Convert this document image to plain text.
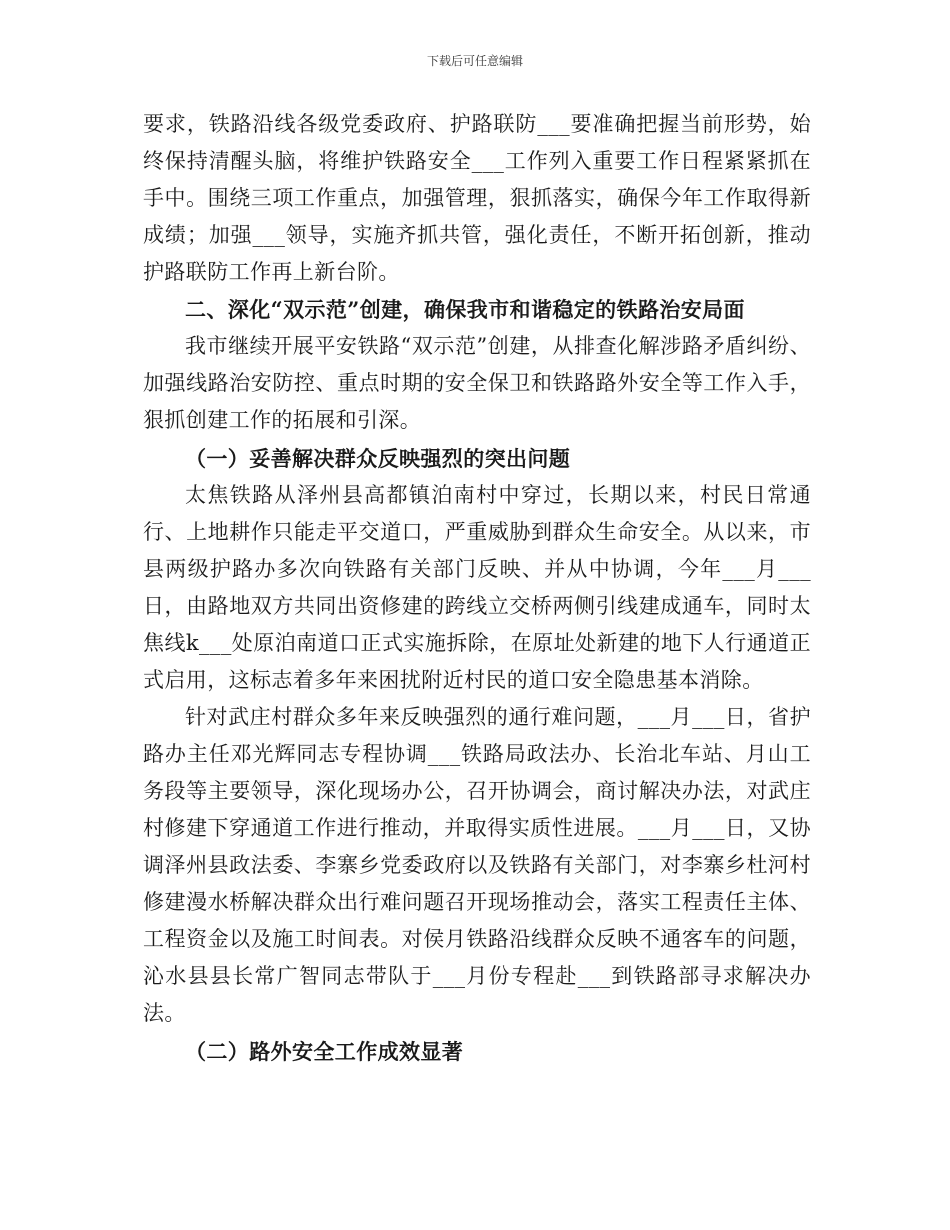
下载后可任意编辑

要求，铁路沿线各级党委政府、护路联防___要准确把握当前形势，始终保持清醒头脑，将维护铁路安全___工作列入重要工作日程紧紧抓在手中。围绕三项工作重点，加强管理，狠抓落实，确保今年工作取得新成绩；加强___领导，实施齐抓共管，强化责任，不断开拓创新，推动护路联防工作再上新台阶。

二、深化“双示范”创建，确保我市和谐稳定的铁路治安局面

我市继续开展平安铁路“双示范”创建，从排查化解涉路矛盾纠纷、加强线路治安防控、重点时期的安全保卫和铁路路外安全等工作入手，狠抓创建工作的拓展和引深。

（一）妥善解决群众反映强烈的突出问题

太焦铁路从泽州县高都镇泊南村中穿过，长期以来，村民日常通行、上地耕作只能走平交道口，严重威胁到群众生命安全。从以来，市县两级护路办多次向铁路有关部门反映、并从中协调，今年___月___日，由路地双方共同出资修建的跨线立交桥两侧引线建成通车，同时太焦线k___处原泊南道口正式实施拆除，在原址处新建的地下人行通道正式启用，这标志着多年来困扰附近村民的道口安全隐患基本消除。

针对武庄村群众多年来反映强烈的通行难问题，___月___日，省护路办主任邓光辉同志专程协调___铁路局政法办、长治北车站、月山工务段等主要领导，深化现场办公，召开协调会，商讨解决办法，对武庄村修建下穿通道工作进行推动，并取得实质性进展。___月___日，又协调泽州县政法委、李寨乡党委政府以及铁路有关部门，对李寨乡杜河村修建漫水桥解决群众出行难问题召开现场推动会，落实工程责任主体、工程资金以及施工时间表。对侯月铁路沿线群众反映不通客车的问题，沁水县县长常广智同志带队于___月份专程赴___到铁路部寻求解决办法。

（二）路外安全工作成效显著
